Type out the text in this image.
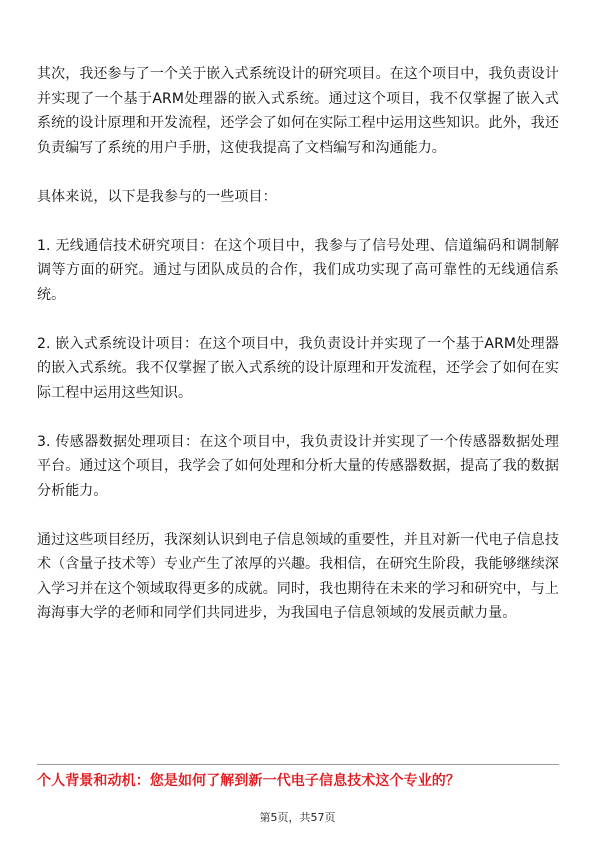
其次，我还参与了一个关于嵌入式系统设计的研究项目。在这个项目中，我负责设计并实现了一个基于ARM处理器的嵌入式系统。通过这个项目，我不仅掌握了嵌入式系统的设计原理和开发流程，还学会了如何在实际工程中运用这些知识。此外，我还负责编写了系统的用户手册，这使我提高了文档编写和沟通能力。

具体来说，以下是我参与的一些项目：

1. 无线通信技术研究项目：在这个项目中，我参与了信号处理、信道编码和调制解调等方面的研究。通过与团队成员的合作，我们成功实现了高可靠性的无线通信系统。

2. 嵌入式系统设计项目：在这个项目中，我负责设计并实现了一个基于ARM处理器的嵌入式系统。我不仅掌握了嵌入式系统的设计原理和开发流程，还学会了如何在实际工程中运用这些知识。

3. 传感器数据处理项目：在这个项目中，我负责设计并实现了一个传感器数据处理平台。通过这个项目，我学会了如何处理和分析大量的传感器数据，提高了我的数据分析能力。

通过这些项目经历，我深刻认识到电子信息领域的重要性，并且对新一代电子信息技术（含量子技术等）专业产生了浓厚的兴趣。我相信，在研究生阶段，我能够继续深入学习并在这个领域取得更多的成就。同时，我也期待在未来的学习和研究中，与上海海事大学的老师和同学们共同进步，为我国电子信息领域的发展贡献力量。

个人背景和动机：您是如何了解到新一代电子信息技术这个专业的？

第5页，共57页
